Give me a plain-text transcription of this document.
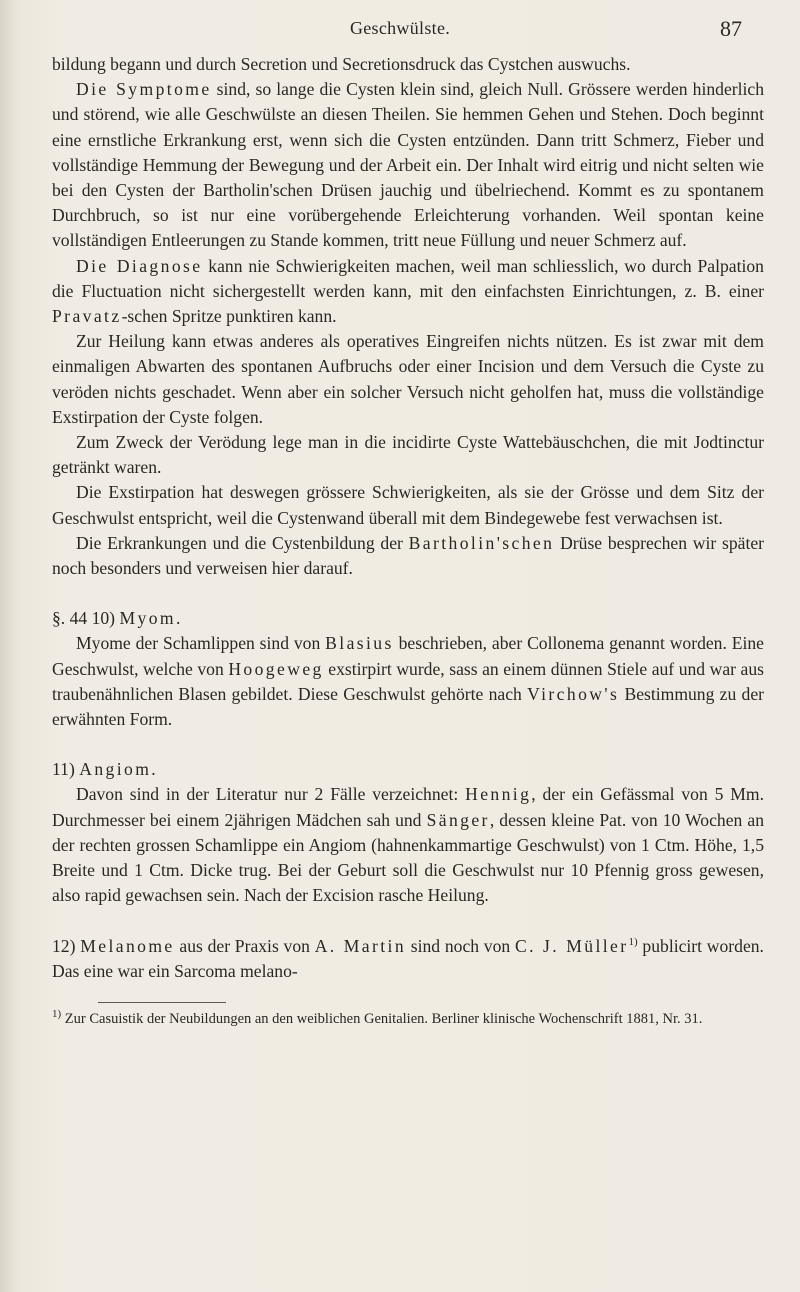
Geschwülste.	87

bildung begann und durch Secretion und Secretionsdruck das Cystchen auswuchs.

Die Symptome sind, so lange die Cysten klein sind, gleich Null. Grössere werden hinderlich und störend, wie alle Geschwülste an diesen Theilen. Sie hemmen Gehen und Stehen. Doch beginnt eine ernstliche Erkrankung erst, wenn sich die Cysten entzünden. Dann tritt Schmerz, Fieber und vollständige Hemmung der Bewegung und der Arbeit ein. Der Inhalt wird eitrig und nicht selten wie bei den Cysten der Bartholin'schen Drüsen jauchig und übelriechend. Kommt es zu spontanem Durchbruch, so ist nur eine vorübergehende Erleichterung vorhanden. Weil spontan keine vollständigen Entleerungen zu Stande kommen, tritt neue Füllung und neuer Schmerz auf.

Die Diagnose kann nie Schwierigkeiten machen, weil man schliesslich, wo durch Palpation die Fluctuation nicht sichergestellt werden kann, mit den einfachsten Einrichtungen, z. B. einer Pravatz-schen Spritze punktiren kann.

Zur Heilung kann etwas anderes als operatives Eingreifen nichts nützen. Es ist zwar mit dem einmaligen Abwarten des spontanen Aufbruchs oder einer Incision und dem Versuch die Cyste zu veröden nichts geschadet. Wenn aber ein solcher Versuch nicht geholfen hat, muss die vollständige Exstirpation der Cyste folgen.

Zum Zweck der Verödung lege man in die incidirte Cyste Wattebäuschchen, die mit Jodtinctur getränkt waren.

Die Exstirpation hat deswegen grössere Schwierigkeiten, als sie der Grösse und dem Sitz der Geschwulst entspricht, weil die Cystenwand überall mit dem Bindegewebe fest verwachsen ist.

Die Erkrankungen und die Cystenbildung der Bartholin'schen Drüse besprechen wir später noch besonders und verweisen hier darauf.

§. 44 10) Myom.

Myome der Schamlippen sind von Blasius beschrieben, aber Collonema genannt worden. Eine Geschwulst, welche von Hoogeweg exstirpirt wurde, sass an einem dünnen Stiele auf und war aus traubenähnlichen Blasen gebildet. Diese Geschwulst gehörte nach Virchow's Bestimmung zu der erwähnten Form.

11) Angiom.

Davon sind in der Literatur nur 2 Fälle verzeichnet: Hennig, der ein Gefässmal von 5 Mm. Durchmesser bei einem 2jährigen Mädchen sah und Sänger, dessen kleine Pat. von 10 Wochen an der rechten grossen Schamlippe ein Angiom (hahnenkammartige Geschwulst) von 1 Ctm. Höhe, 1,5 Breite und 1 Ctm. Dicke trug. Bei der Geburt soll die Geschwulst nur 10 Pfennig gross gewesen, also rapid gewachsen sein. Nach der Excision rasche Heilung.

12) Melanome aus der Praxis von A. Martin sind noch von C. J. Müller$^{1)}$ publicirt worden. Das eine war ein Sarcoma melano-

$^{1)}$ Zur Casuistik der Neubildungen an den weiblichen Genitalien. Berliner klinische Wochenschrift 1881, Nr. 31.
